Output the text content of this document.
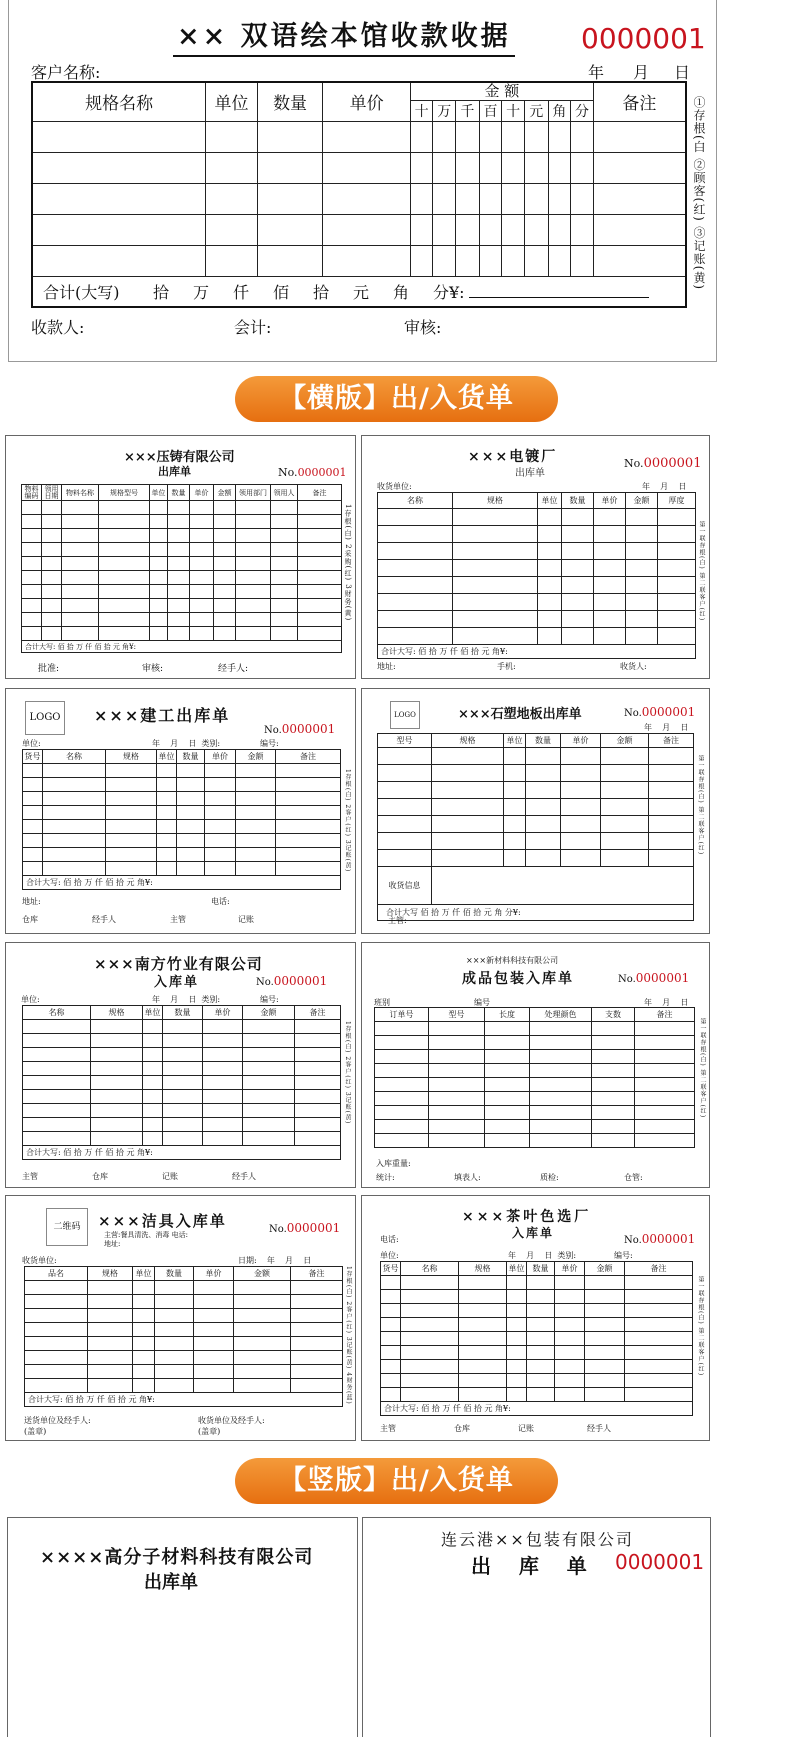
×× 双语绘本馆收款收据	0000001
客户名称:	年 月 日
规格名称	单位	数量	单价	金 额								备注
				十	万	千	百	十	元	角	分	

合计(大写) 拾 万 仟 佰 拾 元 角 分¥:												
①存根(白 ②顾客(红) ③记账(黄)
收款人:	会计:	审核:
【横版】出/入货单
×××压铸有限公司
出库单	No.0000001
物料编码	领用日期	物料名称	规格型号	单位	数量	单价	金额	领用部门	领用人	备注

合计大写: 佰 拾 万 仟 佰 拾 元 角¥:										
1存根(白) 2采购(红) 3财务(黄)
批准:	审核:	经手人:
×××电镀厂
出库单
No.0000001
收货单位:	年    月    日
名称	规格	单位	数量	单价	金额	厚度

合计大写: 佰 拾 万 仟 佰 拾 元 角¥:						
第一联存根(白) 第二联客户(红)
地址:	手机:	收货人:
LOGO ×××建工出库单
No.0000001
单位:	年    月    日  类别:	编号:
货号	名称	规格	单位	数量	单价	金额	备注

合计大写: 佰 拾 万 仟 佰 拾 元 角¥:							
1存根(白) 2客户(红) 3记账(黄)
地址:	电话:
仓库	经手人	主管	记账
LOGO	×××石塑地板出库单	No.0000001
年    月    日
型号	规格	单位	数量	单价	金额	备注

收货信息						
合计大写 佰 拾 万 仟 佰 拾 元 角 分¥:						
第一联存根(白) 第二联客户(红)
主管:
×××南方竹业有限公司
入库单	No.0000001
单位:	年    月    日  类别:	编号:
名称	规格	单位	数量	单价	金额	备注

合计大写: 佰 拾 万 仟 佰 拾 元 角¥:						
1存根(白) 2客户(红) 3记账(黄)
主管	仓库	记账	经手人
×××新材料科技有限公司
成品包装入库单	No.0000001
班别	编号	年    月    日
订单号	型号	长度	处理颜色	支数	备注

第一联存根(白) 第二联客户(红)
入库重量:
统计:	填表人:	质检:	仓管:
二维码	×××洁具入库单
主营:餐具清洗、消毒 电话:
地址:
No.0000001
收货单位:	日期:    年    月    日
品名	规格	单位	数量	单价	金额	备注

合计大写: 佰 拾 万 仟 佰 拾 元 角¥:							1存根(白) 2客户(红) 3记账(黄) 4财务(蓝)
送货单位及经手人:(盖章)
收货单位及经手人:(盖章)
×××茶叶色选厂
入库单
电话:	No.0000001
单位:	年    月    日  类别:	编号:
货号	名称	规格	单位	数量	单价	金额	备注

合计大写: 佰 拾 万 仟 佰 拾 元 角¥:							
第一联存根(白) 第二联客户(红)
主管	仓库	记账	经手人
【竖版】出/入货单
××××高分子材料科技有限公司
出库单
连云港××包装有限公司
出    库    单 0000001
